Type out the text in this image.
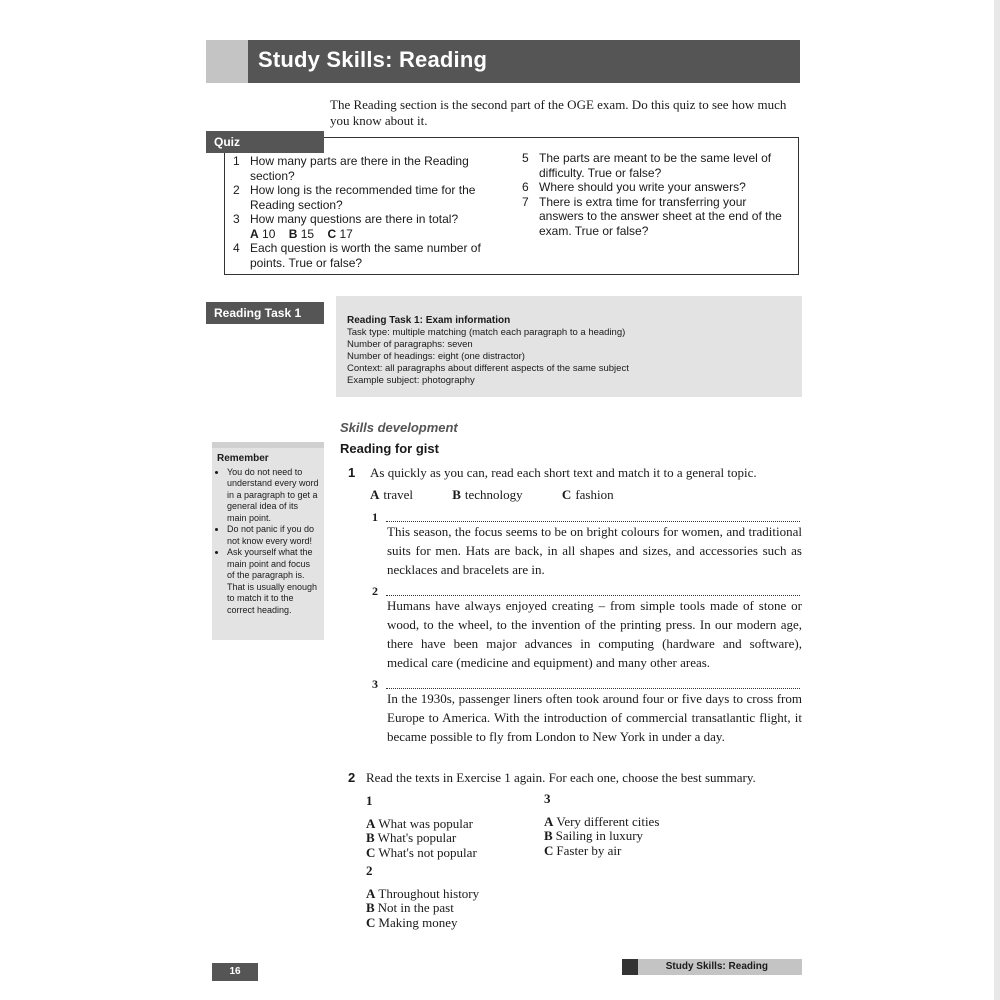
Study Skills: Reading
The Reading section is the second part of the OGE exam. Do this quiz to see how much you know about it.
Quiz
1 How many parts are there in the Reading section?
2 How long is the recommended time for the Reading section?
3 How many questions are there in total?
A 10 B 15 C 17
4 Each question is worth the same number of points. True or false?
5 The parts are meant to be the same level of difficulty. True or false?
6 Where should you write your answers?
7 There is extra time for transferring your answers to the answer sheet at the end of the exam. True or false?
Reading Task 1
Reading Task 1: Exam information
Task type: multiple matching (match each paragraph to a heading)
Number of paragraphs: seven
Number of headings: eight (one distractor)
Context: all paragraphs about different aspects of the same subject
Example subject: photography
Skills development
Reading for gist
Remember
• You do not need to understand every word in a paragraph to get a general idea of its main point.
• Do not panic if you do not know every word!
• Ask yourself what the main point and focus of the paragraph is. That is usually enough to match it to the correct heading.
1 As quickly as you can, read each short text and match it to a general topic.
A travel	B technology	C fashion
1
This season, the focus seems to be on bright colours for women, and traditional suits for men. Hats are back, in all shapes and sizes, and accessories such as necklaces and bracelets are in.
2
Humans have always enjoyed creating – from simple tools made of stone or wood, to the wheel, to the invention of the printing press. In our modern age, there have been major advances in computing (hardware and software), medical care (medicine and equipment) and many other areas.
3
In the 1930s, passenger liners often took around four or five days to cross from Europe to America. With the introduction of commercial transatlantic flight, it became possible to fly from London to New York in under a day.
2 Read the texts in Exercise 1 again. For each one, choose the best summary.
1
A What was popular
B What's popular
C What's not popular
2
A Throughout history
B Not in the past
C Making money
3
A Very different cities
B Sailing in luxury
C Faster by air
16	Study Skills: Reading
